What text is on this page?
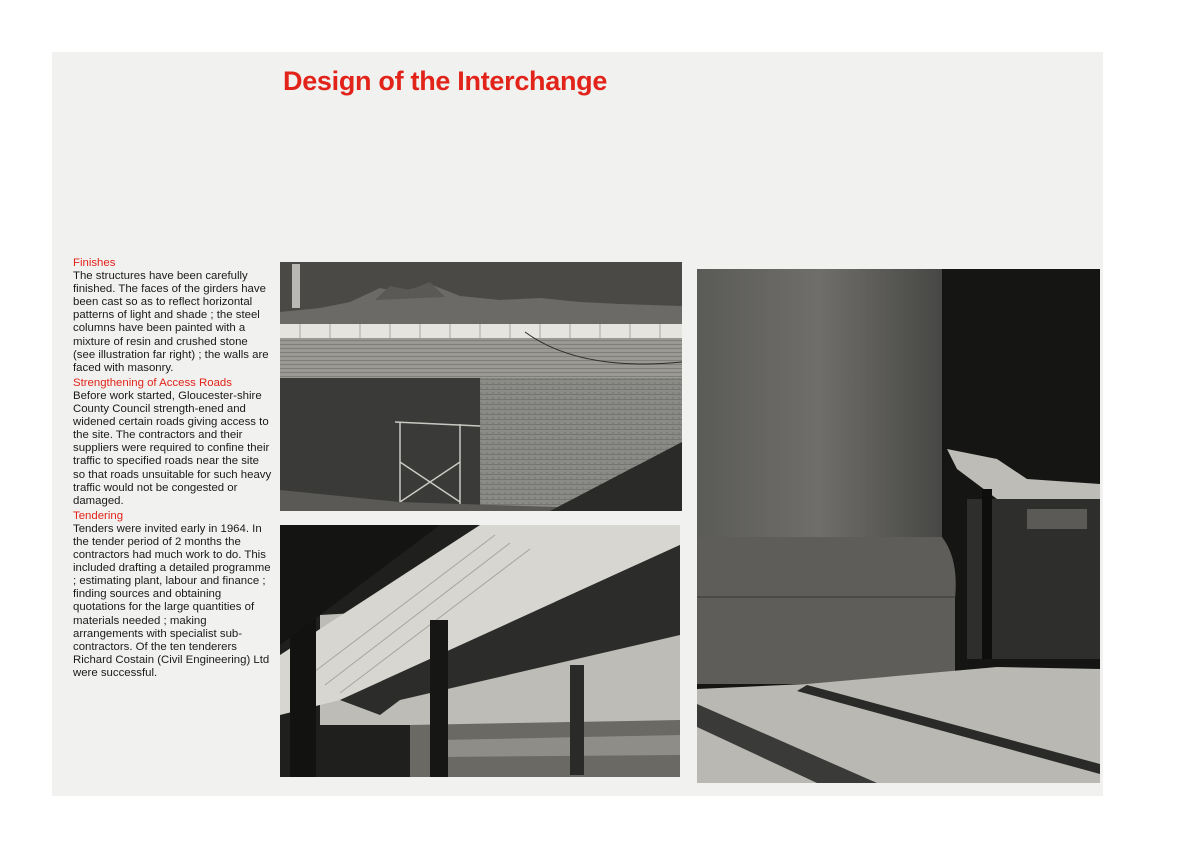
Design of the Interchange
Finishes

The structures have been carefully finished. The faces of the girders have been cast so as to reflect horizontal patterns of light and shade ; the steel columns have been painted with a mixture of resin and crushed stone (see illustration far right) ; the walls are faced with masonry.

Strengthening of Access Roads

Before work started, Gloucester-shire County Council strength-ened and widened certain roads giving access to the site. The contractors and their suppliers were required to confine their traffic to specified roads near the site so that roads unsuitable for such heavy traffic would not be congested or damaged.

Tendering

Tenders were invited early in 1964. In the tender period of 2 months the contractors had much work to do. This included drafting a detailed programme ; estimating plant, labour and finance ; finding sources and obtaining quotations for the large quantities of materials needed ; making arrangements with specialist sub-contractors. Of the ten tenderers Richard Costain (Civil Engineering) Ltd were successful.
